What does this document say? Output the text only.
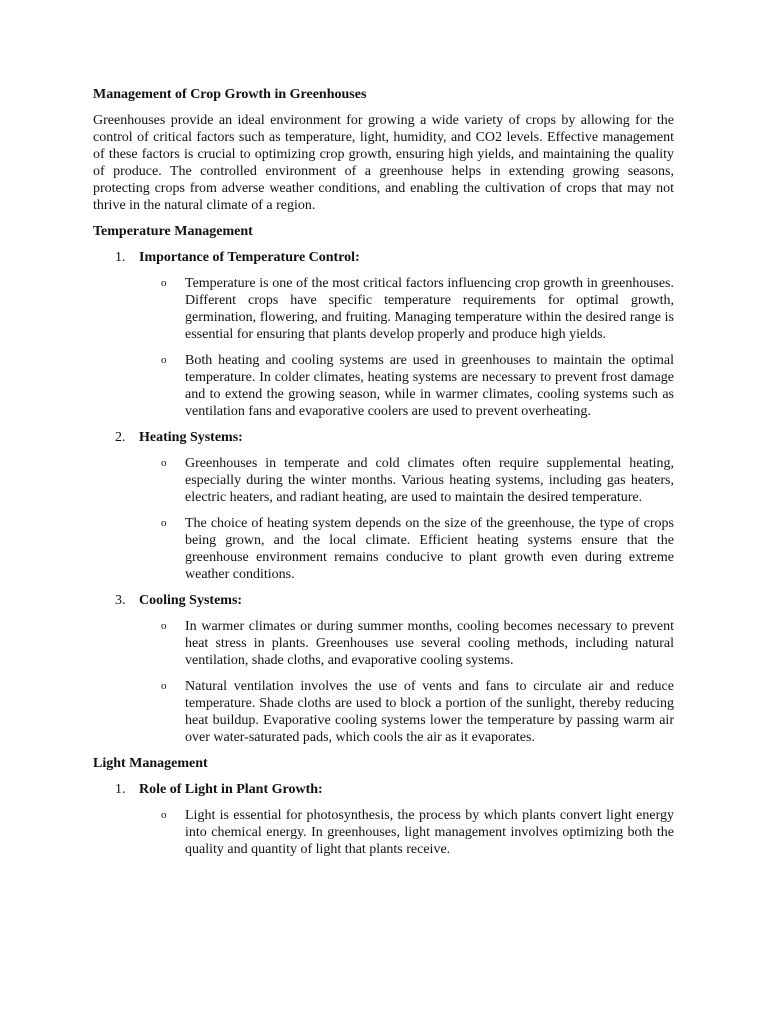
Management of Crop Growth in Greenhouses
Greenhouses provide an ideal environment for growing a wide variety of crops by allowing for the control of critical factors such as temperature, light, humidity, and CO2 levels. Effective management of these factors is crucial to optimizing crop growth, ensuring high yields, and maintaining the quality of produce. The controlled environment of a greenhouse helps in extending growing seasons, protecting crops from adverse weather conditions, and enabling the cultivation of crops that may not thrive in the natural climate of a region.
Temperature Management
1. Importance of Temperature Control:
o Temperature is one of the most critical factors influencing crop growth in greenhouses. Different crops have specific temperature requirements for optimal growth, germination, flowering, and fruiting. Managing temperature within the desired range is essential for ensuring that plants develop properly and produce high yields.
o Both heating and cooling systems are used in greenhouses to maintain the optimal temperature. In colder climates, heating systems are necessary to prevent frost damage and to extend the growing season, while in warmer climates, cooling systems such as ventilation fans and evaporative coolers are used to prevent overheating.
2. Heating Systems:
o Greenhouses in temperate and cold climates often require supplemental heating, especially during the winter months. Various heating systems, including gas heaters, electric heaters, and radiant heating, are used to maintain the desired temperature.
o The choice of heating system depends on the size of the greenhouse, the type of crops being grown, and the local climate. Efficient heating systems ensure that the greenhouse environment remains conducive to plant growth even during extreme weather conditions.
3. Cooling Systems:
o In warmer climates or during summer months, cooling becomes necessary to prevent heat stress in plants. Greenhouses use several cooling methods, including natural ventilation, shade cloths, and evaporative cooling systems.
o Natural ventilation involves the use of vents and fans to circulate air and reduce temperature. Shade cloths are used to block a portion of the sunlight, thereby reducing heat buildup. Evaporative cooling systems lower the temperature by passing warm air over water-saturated pads, which cools the air as it evaporates.
Light Management
1. Role of Light in Plant Growth:
o Light is essential for photosynthesis, the process by which plants convert light energy into chemical energy. In greenhouses, light management involves optimizing both the quality and quantity of light that plants receive.
